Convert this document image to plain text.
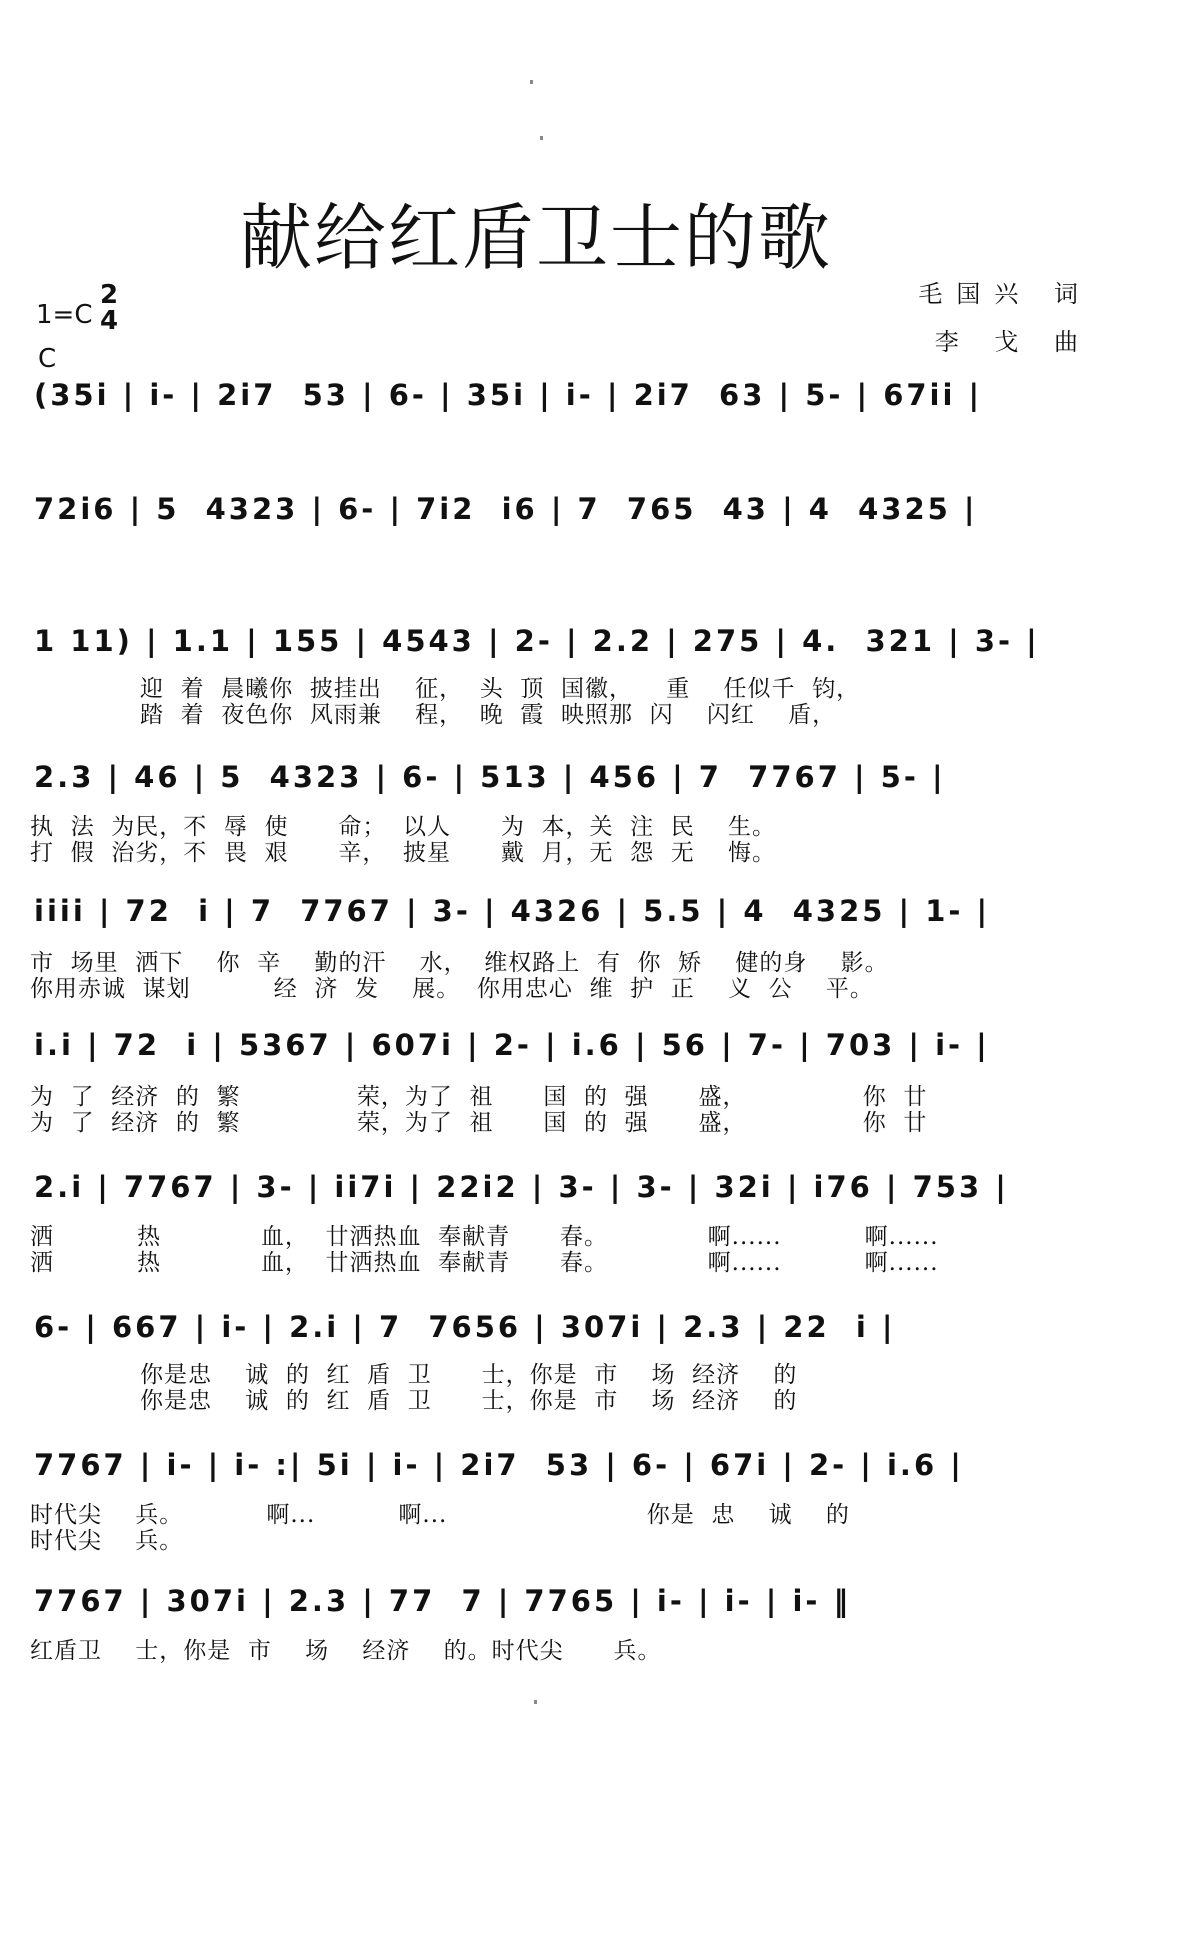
献给红盾卫士的歌
毛国兴 词
李 戈 曲
1=C
2
4
C
(35i | i- | 2i7  53 | 6- | 35i | i- | 2i7  63 | 5- | 67ii |
72i6 | 5  4323 | 6- | 7i2  i6 | 7  765  43 | 4  4325 |
1 11) | 1.1 | 155 | 4543 | 2- | 2.2 | 275 | 4.  321 | 3- |
迎  着  晨曦你  披挂出    征，  头  顶  国徽，    重    任似千  钧，
踏  着  夜色你  风雨兼    程，  晚  霞  映照那  闪    闪红    盾，
2.3 | 46 | 5  4323 | 6- | 513 | 456 | 7  7767 | 5- |
执  法  为民，不  辱  使      命；  以人      为  本，关  注  民    生。
打  假  治劣，不  畏  艰      辛，  披星      戴  月，无  怨  无    悔。
iiii | 72  i | 7  7767 | 3- | 4326 | 5.5 | 4  4325 | 1- |
市  场里  洒下    你  辛    勤的汗    水，  维权路上  有  你  矫    健的身    影。
你用赤诚  谋划          经  济  发    展。  你用忠心  维  护  正    义  公    平。
i.i | 72  i | 5367 | 607i | 2- | i.6 | 56 | 7- | 703 | i- |
为  了  经济  的  繁              荣，为了  祖      国  的  强      盛，              你  廿
为  了  经济  的  繁              荣，为了  祖      国  的  强      盛，              你  廿
2.i | 7767 | 3- | ii7i | 22i2 | 3- | 3- | 32i | i76 | 753 |
洒          热            血，  廿洒热血  奉献青      春。            啊......          啊......
洒          热            血，  廿洒热血  奉献青      春。            啊......          啊......
6- | 667 | i- | 2.i | 7  7656 | 307i | 2.3 | 22  i |
你是忠    诚  的  红  盾  卫      士，你是  市    场  经济    的
你是忠    诚  的  红  盾  卫      士，你是  市    场  经济    的
7767 | i- | i- :| 5i | i- | 2i7  53 | 6- | 67i | 2- | i.6 |
时代尖    兵。          啊...          啊...                        你是  忠    诚    的
时代尖    兵。
7767 | 307i | 2.3 | 77  7 | 7765 | i- | i- | i- ‖
红盾卫    士，你是  市    场    经济    的。时代尖      兵。
